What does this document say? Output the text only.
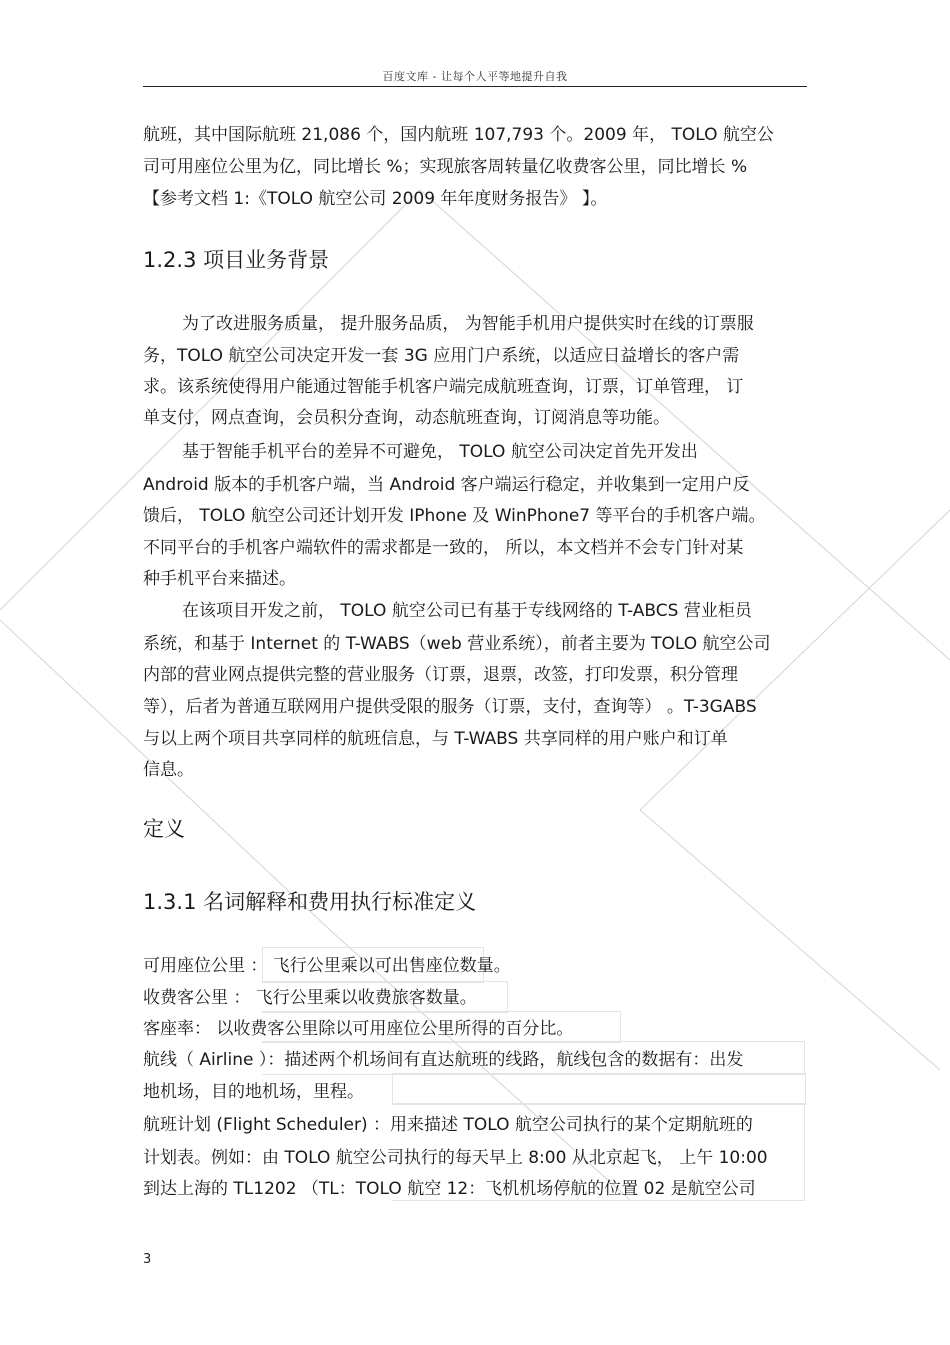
百度文库 - 让每个人平等地提升自我
航班，其中国际航班 21,086 个，国内航班 107,793 个。2009 年， TOLO 航空公
司可用座位公里为亿，同比增长 %；实现旅客周转量亿收费客公里，同比增长 %
【参考文档 1:《TOLO 航空公司 2009 年年度财务报告》 】。
1.2.3 项目业务背景
为了改进服务质量， 提升服务品质， 为智能手机用户提供实时在线的订票服
务，TOLO 航空公司决定开发一套 3G 应用门户系统，以适应日益增长的客户需
求。该系统使得用户能通过智能手机客户端完成航班查询，订票，订单管理， 订
单支付，网点查询，会员积分查询，动态航班查询，订阅消息等功能。
基于智能手机平台的差异不可避免， TOLO 航空公司决定首先开发出
Android 版本的手机客户端，当 Android 客户端运行稳定，并收集到一定用户反
馈后， TOLO 航空公司还计划开发 IPhone 及 WinPhone7 等平台的手机客户端。
不同平台的手机客户端软件的需求都是一致的， 所以，本文档并不会专门针对某
种手机平台来描述。
在该项目开发之前， TOLO 航空公司已有基于专线网络的 T-ABCS 营业柜员
系统，和基于 Internet 的 T-WABS（web 营业系统），前者主要为 TOLO 航空公司
内部的营业网点提供完整的营业服务（订票，退票，改签，打印发票，积分管理
等），后者为普通互联网用户提供受限的服务（订票，支付，查询等） 。T-3GABS
与以上两个项目共享同样的航班信息，与 T-WABS 共享同样的用户账户和订单
信息。
定义
1.3.1 名词解释和费用执行标准定义
可用座位公里 ： 飞行公里乘以可出售座位数量。
收费客公里 ： 飞行公里乘以收费旅客数量。
客座率： 以收费客公里除以可用座位公里所得的百分比。
航线（ Airline ）：描述两个机场间有直达航班的线路，航线包含的数据有：出发
地机场，目的地机场，里程。
航班计划 (Flight Scheduler) ：用来描述 TOLO 航空公司执行的某个定期航班的
计划表。例如：由 TOLO 航空公司执行的每天早上 8:00 从北京起飞， 上午 10:00
到达上海的 TL1202 （TL：TOLO 航空 12：飞机机场停航的位置 02 是航空公司
3
